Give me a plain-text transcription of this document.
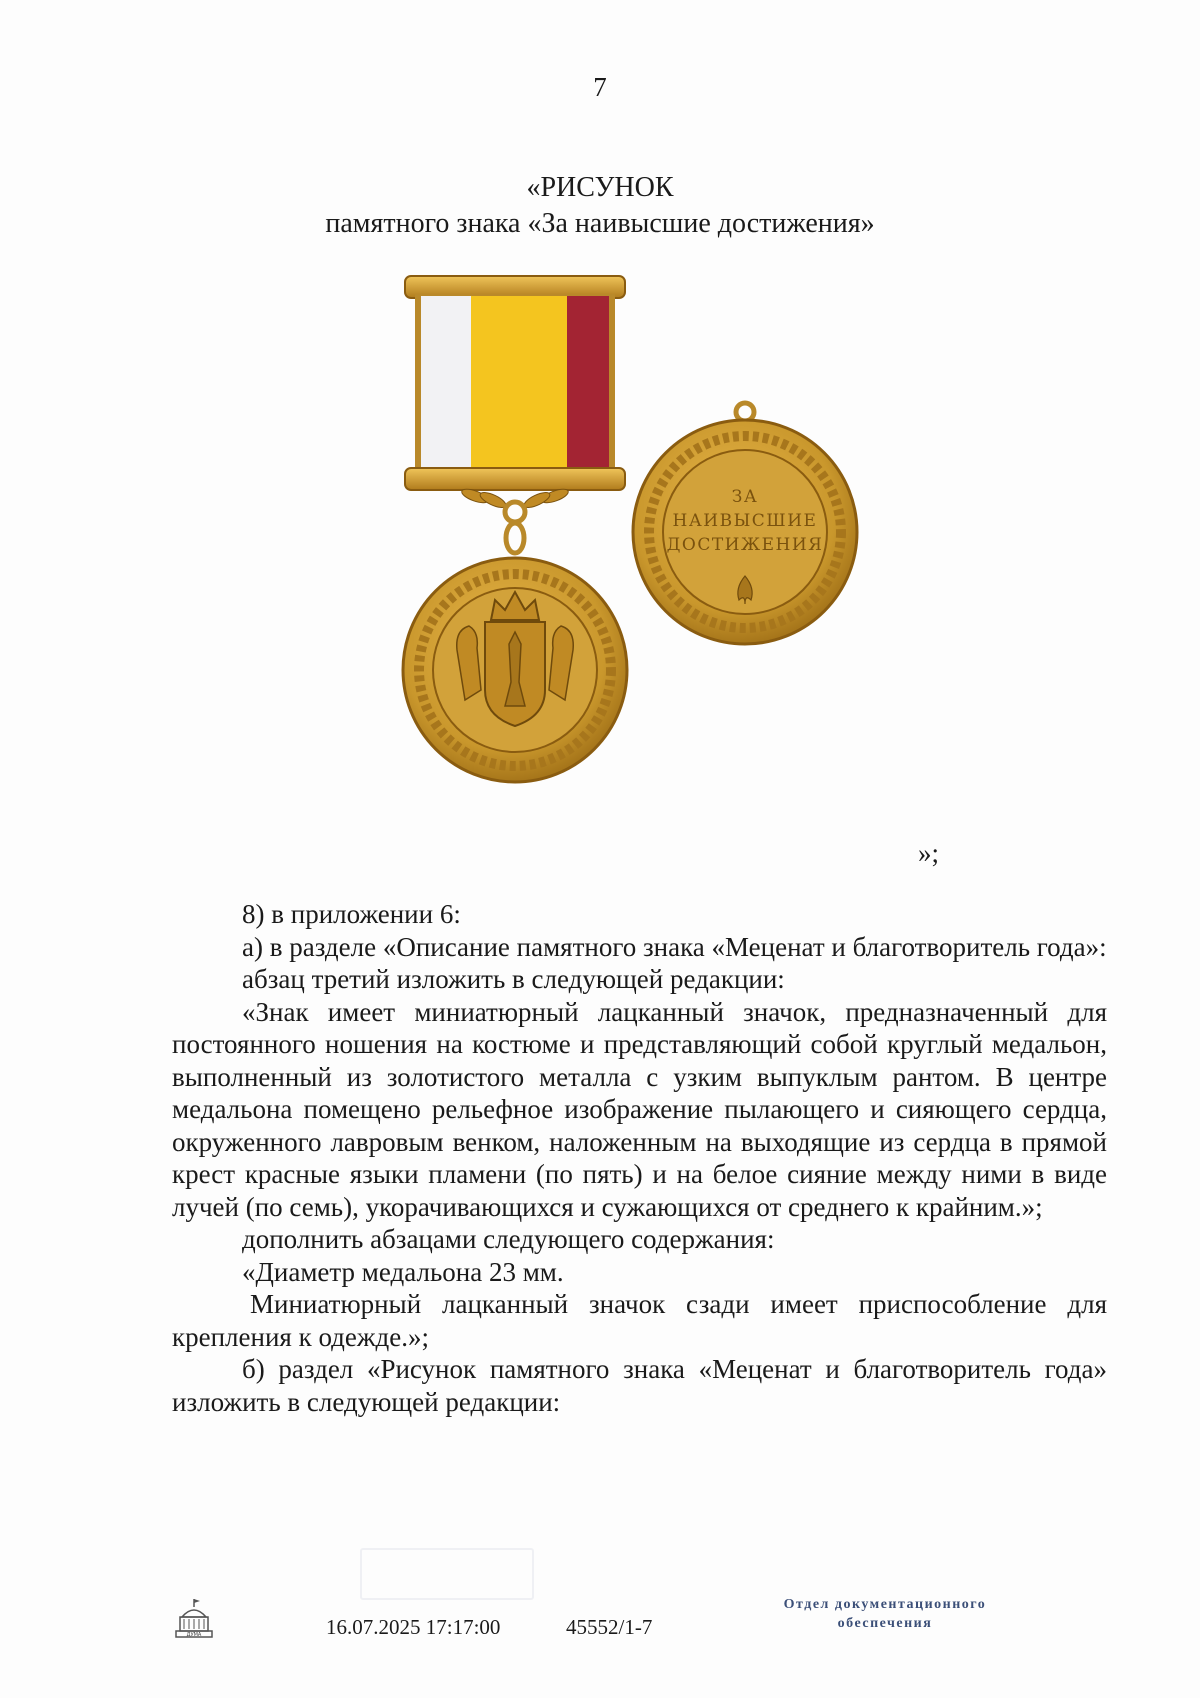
7
«РИСУНОК
памятного знака «За наивысшие достижения»
ЗА
НАИВЫСШИЕ
ДОСТИЖЕНИЯ
»;

8) в приложении 6:

а) в разделе «Описание памятного знака «Меценат и благотворитель года»:

абзац третий изложить в следующей редакции:

«Знак имеет миниатюрный лацканный значок, предназначенный для постоянного ношения на костюме и представляющий собой круглый медальон, выполненный из золотистого металла с узким выпуклым рантом. В центре медальона помещено рельефное изображение пылающего и сияющего сердца, окруженного лавровым венком, наложенным на выходящие из сердца в прямой крест красные языки пламени (по пять) и на белое сияние между ними в виде лучей (по семь), укорачивающихся и сужающихся от среднего к крайним.»;

дополнить абзацами следующего содержания:

«Диаметр медальона 23 мм.

Миниатюрный лацканный значок сзади имеет приспособление для крепления к одежде.»;

б) раздел «Рисунок памятного знака «Меценат и благотворитель года» изложить в следующей редакции:

ДУМА	16.07.2025 17:17:00	45552/1-7
Отдел документационного
обеспечения
